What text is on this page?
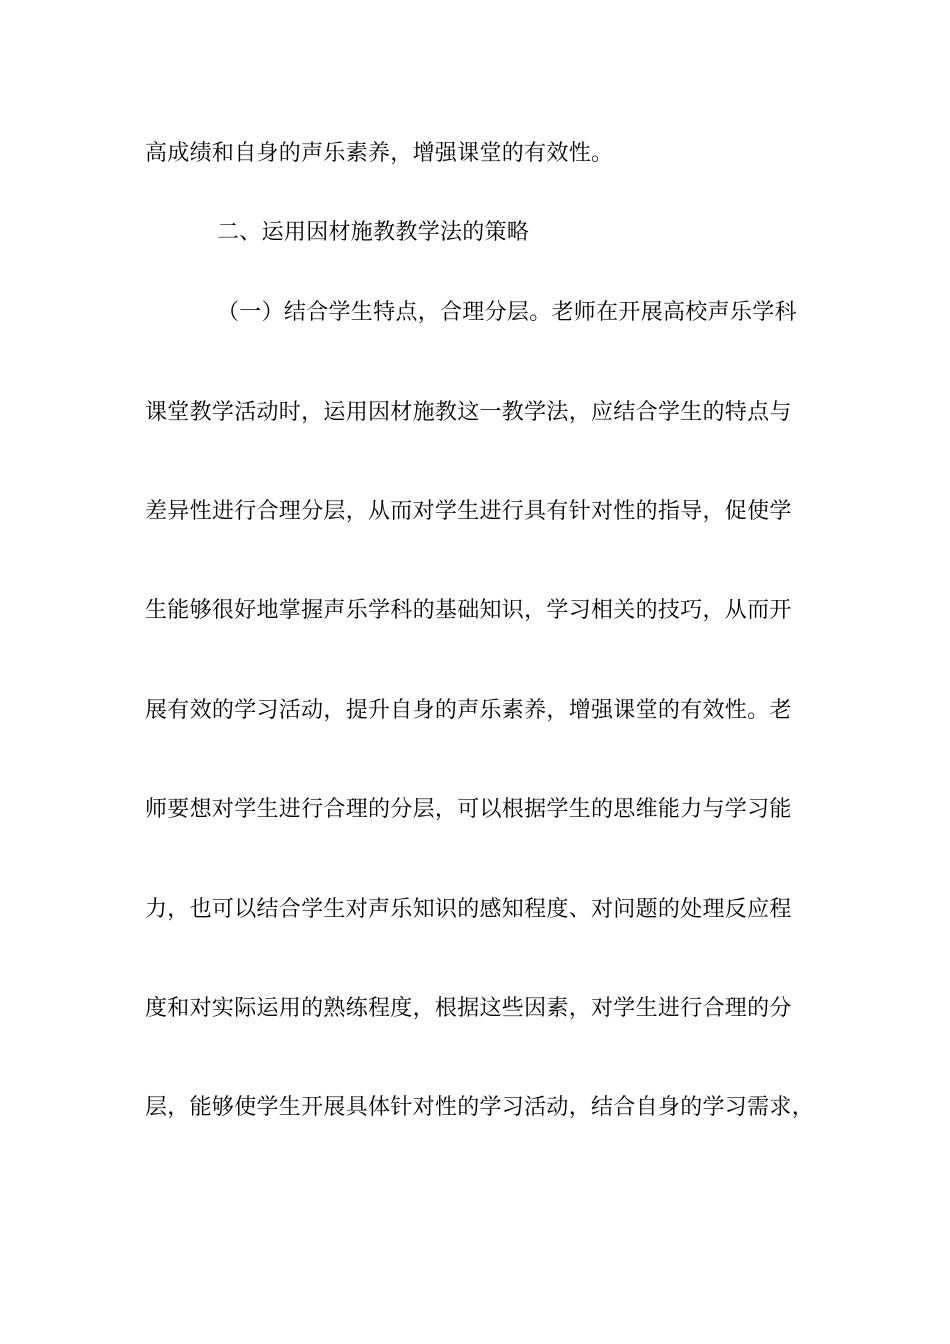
高成绩和自身的声乐素养，增强课堂的有效性。
二、运用因材施教教学法的策略
（一）结合学生特点，合理分层。老师在开展高校声乐学科
课堂教学活动时，运用因材施教这一教学法，应结合学生的特点与
差异性进行合理分层，从而对学生进行具有针对性的指导，促使学
生能够很好地掌握声乐学科的基础知识，学习相关的技巧，从而开
展有效的学习活动，提升自身的声乐素养，增强课堂的有效性。老
师要想对学生进行合理的分层，可以根据学生的思维能力与学习能
力，也可以结合学生对声乐知识的感知程度、对问题的处理反应程
度和对实际运用的熟练程度，根据这些因素，对学生进行合理的分
层，能够使学生开展具体针对性的学习活动，结合自身的学习需求，
